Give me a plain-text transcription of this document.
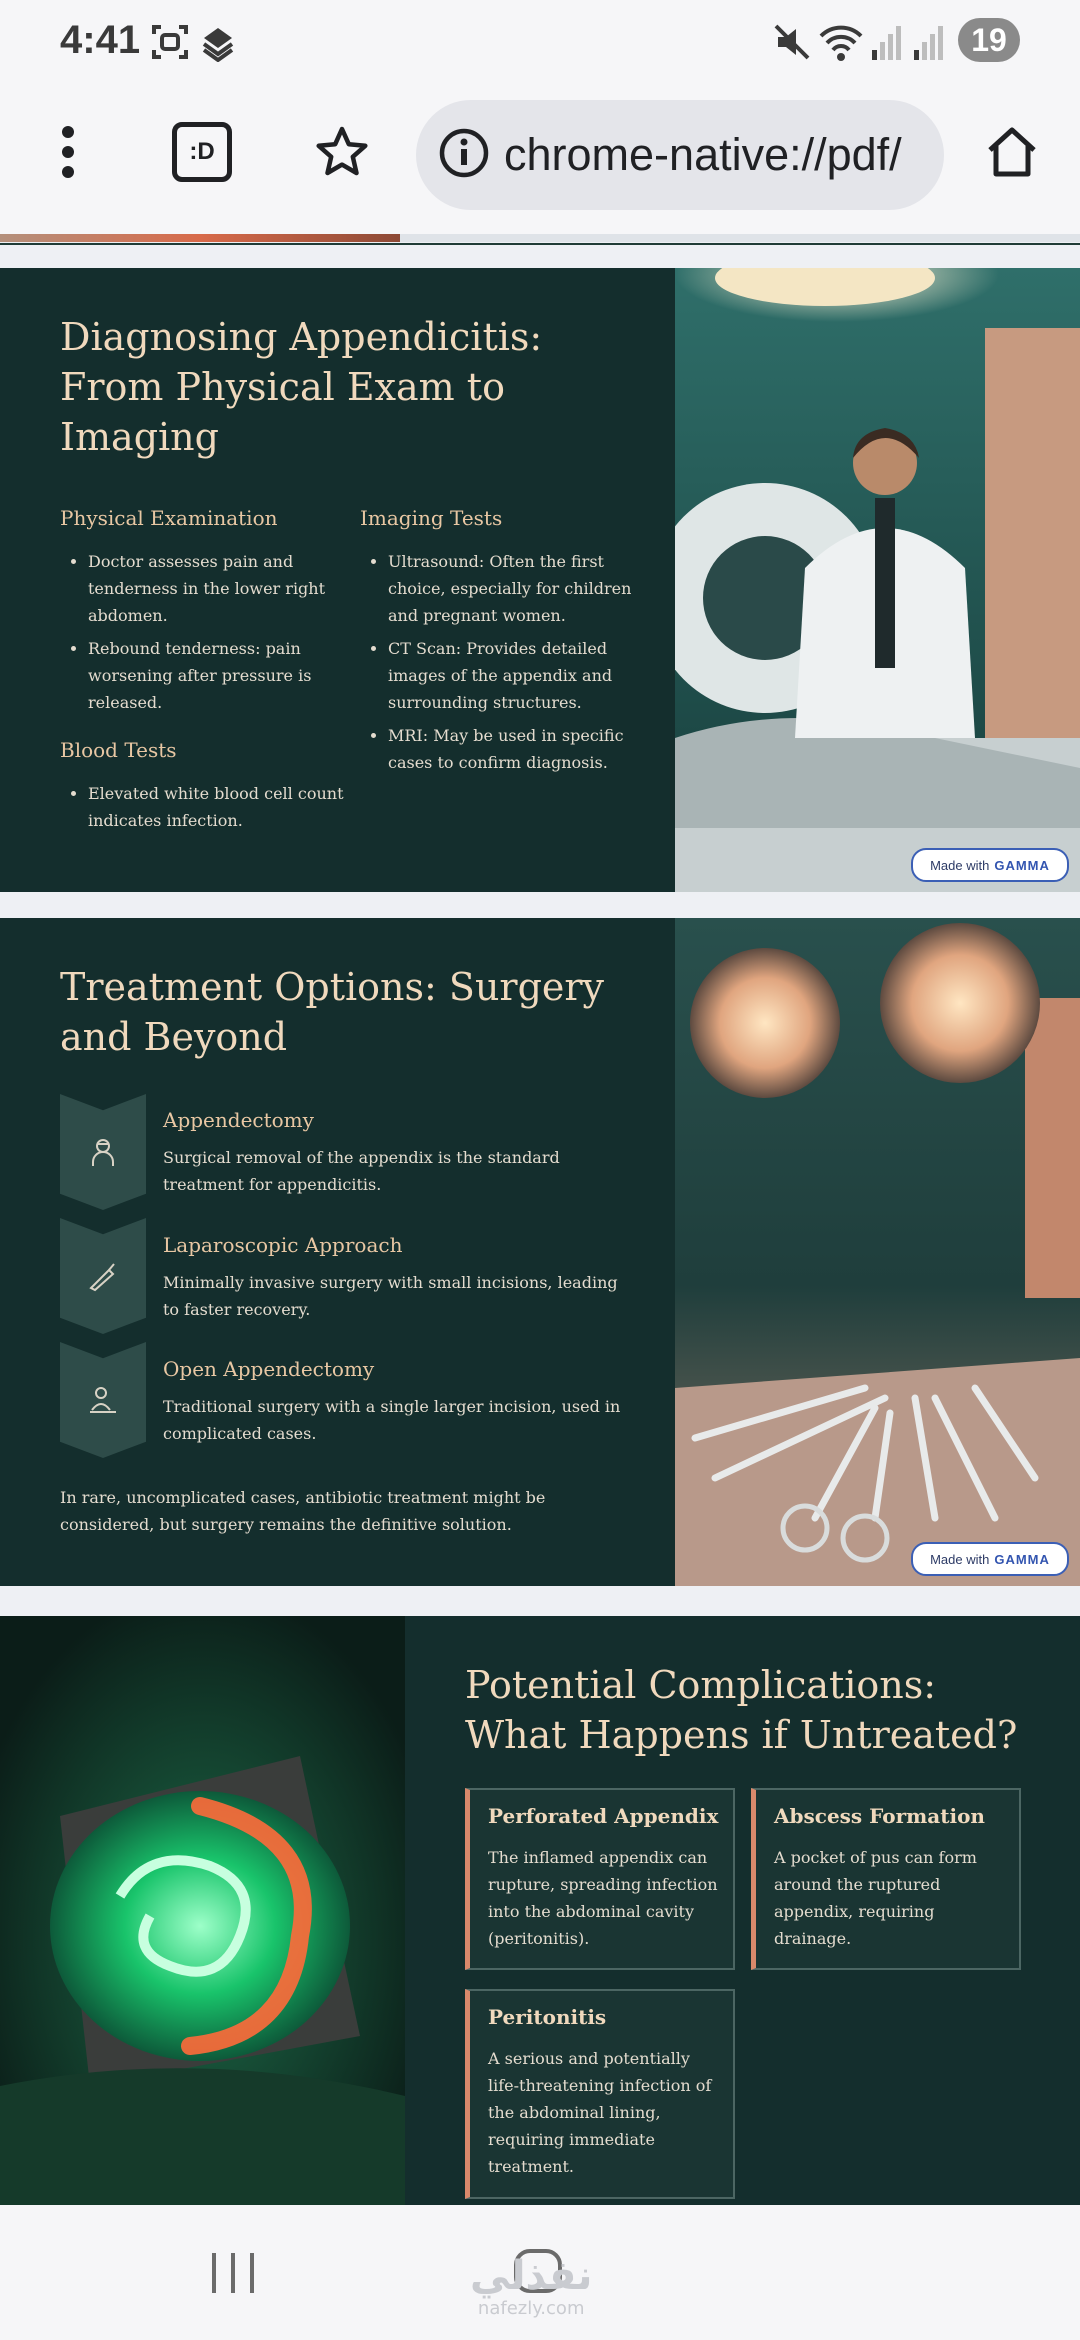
4:41	19
:D	chrome-native://pdf/
Diagnosing Appendicitis: From Physical Exam to Imaging
Physical Examination
• Doctor assesses pain and tenderness in the lower right abdomen.
• Rebound tenderness: pain worsening after pressure is released.
Blood Tests
• Elevated white blood cell count indicates infection.
Imaging Tests
• Ultrasound: Often the first choice, especially for children and pregnant women.
• CT Scan: Provides detailed images of the appendix and surrounding structures.
• MRI: May be used in specific cases to confirm diagnosis.
Made with GAMMA
Treatment Options: Surgery and Beyond
Appendectomy

Surgical removal of the appendix is the standard treatment for appendicitis.

Laparoscopic Approach

Minimally invasive surgery with small incisions, leading to faster recovery.

Open Appendectomy

Traditional surgery with a single larger incision, used in complicated cases.

In rare, uncomplicated cases, antibiotic treatment might be considered, but surgery remains the definitive solution.

Made with GAMMA
Potential Complications: What Happens if Untreated?
Perforated Appendix

The inflamed appendix can rupture, spreading infection into the abdominal cavity (peritonitis).

Abscess Formation

A pocket of pus can form around the ruptured appendix, requiring drainage.

Peritonitis

A serious and potentially life-threatening infection of the abdominal lining, requiring immediate treatment.

نفذلي
nafezly.com
